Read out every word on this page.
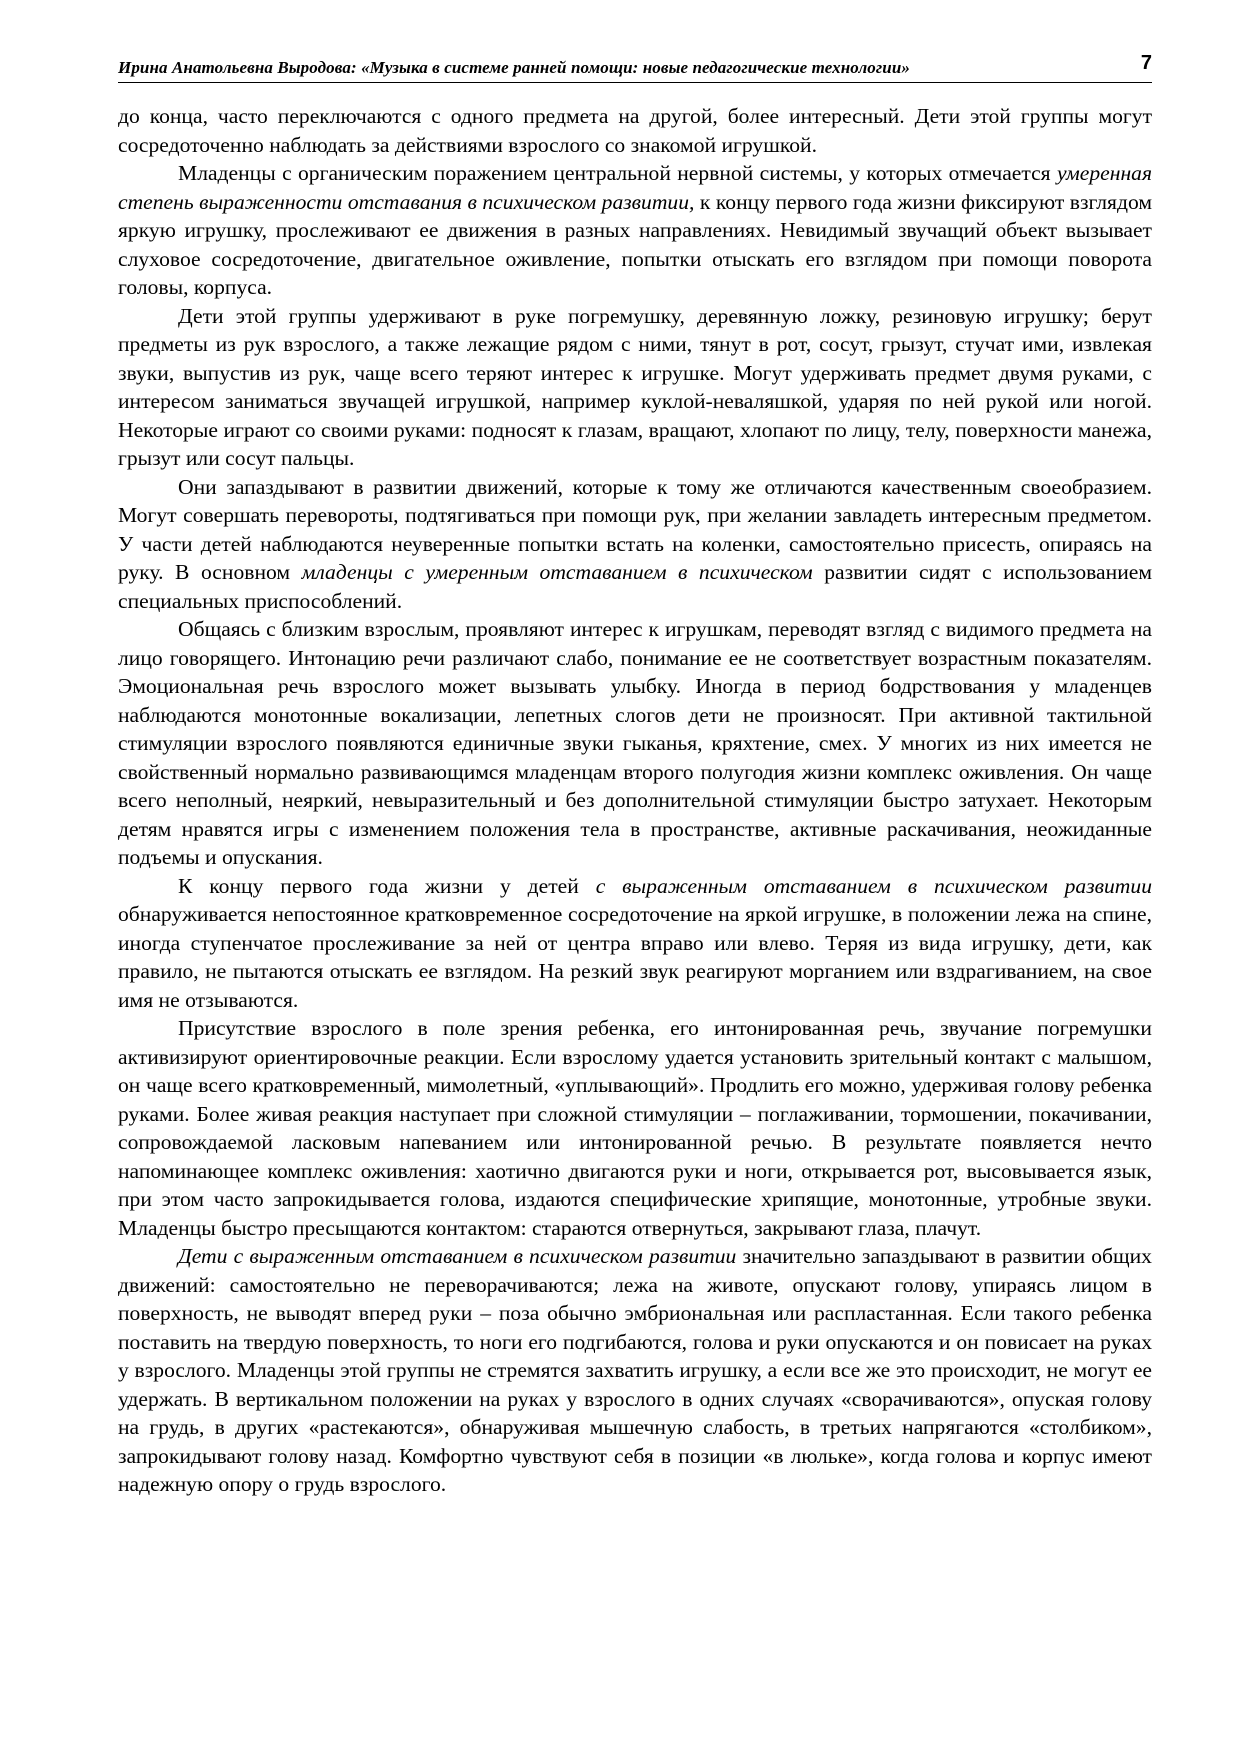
Ирина Анатольевна Выродова: «Музыка в системе ранней помощи: новые педагогические технологии»	7

до конца, часто переключаются с одного предмета на другой, более интересный. Дети этой группы могут сосредоточенно наблюдать за действиями взрослого со знакомой игрушкой.

Младенцы с органическим поражением центральной нервной системы, у которых отмечается умеренная степень выраженности отставания в психическом развитии, к концу первого года жизни фиксируют взглядом яркую игрушку, прослеживают ее движения в разных направлениях. Невидимый звучащий объект вызывает слуховое сосредоточение, двигательное оживление, попытки отыскать его взглядом при помощи поворота головы, корпуса.

Дети этой группы удерживают в руке погремушку, деревянную ложку, резиновую игрушку; берут предметы из рук взрослого, а также лежащие рядом с ними, тянут в рот, сосут, грызут, стучат ими, извлекая звуки, выпустив из рук, чаще всего теряют интерес к игрушке. Могут удерживать предмет двумя руками, с интересом заниматься звучащей игрушкой, например куклой-неваляшкой, ударяя по ней рукой или ногой. Некоторые играют со своими руками: подносят к глазам, вращают, хлопают по лицу, телу, поверхности манежа, грызут или сосут пальцы.

Они запаздывают в развитии движений, которые к тому же отличаются качественным своеобразием. Могут совершать перевороты, подтягиваться при помощи рук, при желании завладеть интересным предметом. У части детей наблюдаются неуверенные попытки встать на коленки, самостоятельно присесть, опираясь на руку. В основном младенцы с умеренным отставанием в психическом развитии сидят с использованием специальных приспособлений.

Общаясь с близким взрослым, проявляют интерес к игрушкам, переводят взгляд с видимого предмета на лицо говорящего. Интонацию речи различают слабо, понимание ее не соответствует возрастным показателям. Эмоциональная речь взрослого может вызывать улыбку. Иногда в период бодрствования у младенцев наблюдаются монотонные вокализации, лепетных слогов дети не произносят. При активной тактильной стимуляции взрослого появляются единичные звуки гыканья, кряхтение, смех. У многих из них имеется не свойственный нормально развивающимся младенцам второго полугодия жизни комплекс оживления. Он чаще всего неполный, неяркий, невыразительный и без дополнительной стимуляции быстро затухает. Некоторым детям нравятся игры с изменением положения тела в пространстве, активные раскачивания, неожиданные подъемы и опускания.

К концу первого года жизни у детей с выраженным отставанием в психическом развитии обнаруживается непостоянное кратковременное сосредоточение на яркой игрушке, в положении лежа на спине, иногда ступенчатое прослеживание за ней от центра вправо или влево. Теряя из вида игрушку, дети, как правило, не пытаются отыскать ее взглядом. На резкий звук реагируют морганием или вздрагиванием, на свое имя не отзываются.

Присутствие взрослого в поле зрения ребенка, его интонированная речь, звучание погремушки активизируют ориентировочные реакции. Если взрослому удается установить зрительный контакт с малышом, он чаще всего кратковременный, мимолетный, «уплывающий». Продлить его можно, удерживая голову ребенка руками. Более живая реакция наступает при сложной стимуляции – поглаживании, тормошении, покачивании, сопровождаемой ласковым напеванием или интонированной речью. В результате появляется нечто напоминающее комплекс оживления: хаотично двигаются руки и ноги, открывается рот, высовывается язык, при этом часто запрокидывается голова, издаются специфические хрипящие, монотонные, утробные звуки. Младенцы быстро пресыщаются контактом: стараются отвернуться, закрывают глаза, плачут.

Дети с выраженным отставанием в психическом развитии значительно запаздывают в развитии общих движений: самостоятельно не переворачиваются; лежа на животе, опускают голову, упираясь лицом в поверхность, не выводят вперед руки – поза обычно эмбриональная или распластанная. Если такого ребенка поставить на твердую поверхность, то ноги его подгибаются, голова и руки опускаются и он повисает на руках у взрослого. Младенцы этой группы не стремятся захватить игрушку, а если все же это происходит, не могут ее удержать. В вертикальном положении на руках у взрослого в одних случаях «сворачиваются», опуская голову на грудь, в других «растекаются», обнаруживая мышечную слабость, в третьих напрягаются «столбиком», запрокидывают голову назад. Комфортно чувствуют себя в позиции «в люльке», когда голова и корпус имеют надежную опору о грудь взрослого.
